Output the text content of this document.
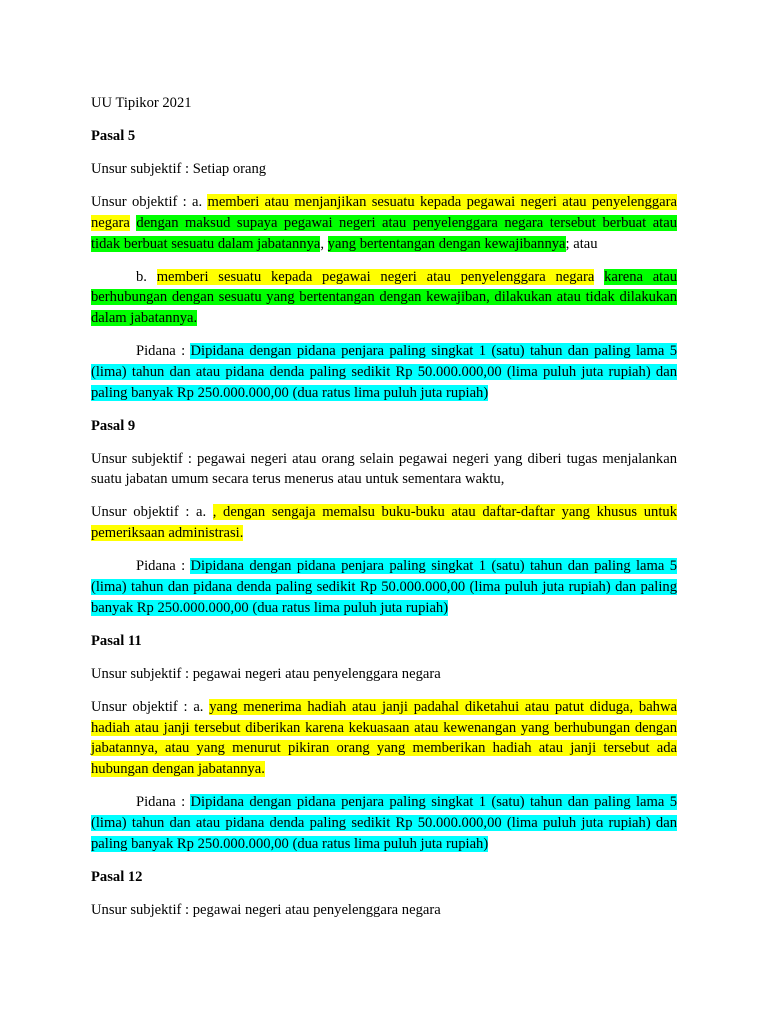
UU Tipikor 2021

Pasal 5

Unsur subjektif : Setiap orang

Unsur objektif : a. memberi atau menjanjikan sesuatu kepada pegawai negeri atau penyelenggara negara dengan maksud supaya pegawai negeri atau penyelenggara negara tersebut berbuat atau tidak berbuat sesuatu dalam jabatannya, yang bertentangan dengan kewajibannya; atau

b. memberi sesuatu kepada pegawai negeri atau penyelenggara negara karena atau berhubungan dengan sesuatu yang bertentangan dengan kewajiban, dilakukan atau tidak dilakukan dalam jabatannya.

Pidana : Dipidana dengan pidana penjara paling singkat 1 (satu) tahun dan paling lama 5 (lima) tahun dan atau pidana denda paling sedikit Rp 50.000.000,00 (lima puluh juta rupiah) dan paling banyak Rp 250.000.000,00 (dua ratus lima puluh juta rupiah)

Pasal 9

Unsur subjektif : pegawai negeri atau orang selain pegawai negeri yang diberi tugas menjalankan suatu jabatan umum secara terus menerus atau untuk sementara waktu,

Unsur objektif : a. , dengan sengaja memalsu buku-buku atau daftar-daftar yang khusus untuk pemeriksaan administrasi.

Pidana : Dipidana dengan pidana penjara paling singkat 1 (satu) tahun dan paling lama 5 (lima) tahun dan pidana denda paling sedikit Rp 50.000.000,00 (lima puluh juta rupiah) dan paling banyak Rp 250.000.000,00 (dua ratus lima puluh juta rupiah)

Pasal 11

Unsur subjektif : pegawai negeri atau penyelenggara negara

Unsur objektif : a. yang menerima hadiah atau janji padahal diketahui atau patut diduga, bahwa hadiah atau janji tersebut diberikan karena kekuasaan atau kewenangan yang berhubungan dengan jabatannya, atau yang menurut pikiran orang yang memberikan hadiah atau janji tersebut ada hubungan dengan jabatannya.

Pidana : Dipidana dengan pidana penjara paling singkat 1 (satu) tahun dan paling lama 5 (lima) tahun dan atau pidana denda paling sedikit Rp 50.000.000,00 (lima puluh juta rupiah) dan paling banyak Rp 250.000.000,00 (dua ratus lima puluh juta rupiah)

Pasal 12

Unsur subjektif : pegawai negeri atau penyelenggara negara
